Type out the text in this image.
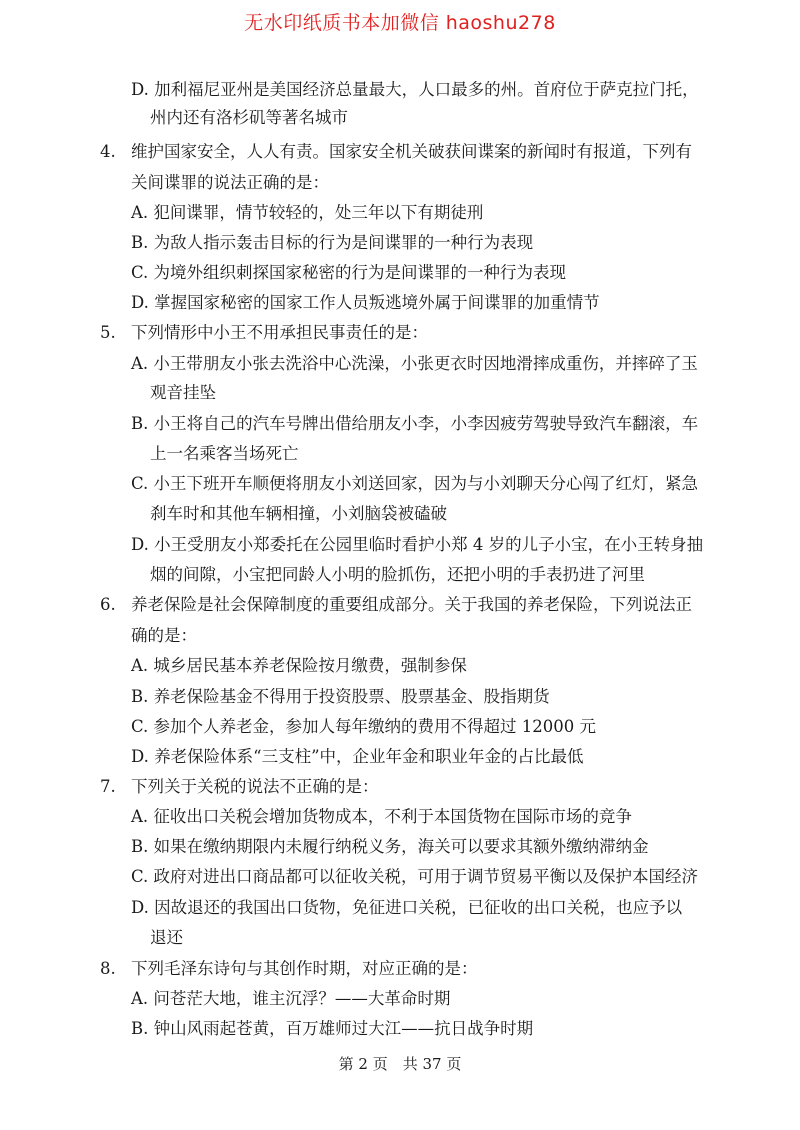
无水印纸质书本加微信 haoshu278
D. 加利福尼亚州是美国经济总量最大，人口最多的州。首府位于萨克拉门托，
州内还有洛杉矶等著名城市
4. 维护国家安全，人人有责。国家安全机关破获间谍案的新闻时有报道，下列有
关间谍罪的说法正确的是：
A. 犯间谍罪，情节较轻的，处三年以下有期徒刑
B. 为敌人指示轰击目标的行为是间谍罪的一种行为表现
C. 为境外组织刺探国家秘密的行为是间谍罪的一种行为表现
D. 掌握国家秘密的国家工作人员叛逃境外属于间谍罪的加重情节
5. 下列情形中小王不用承担民事责任的是：
A. 小王带朋友小张去洗浴中心洗澡，小张更衣时因地滑摔成重伤，并摔碎了玉
观音挂坠
B. 小王将自己的汽车号牌出借给朋友小李，小李因疲劳驾驶导致汽车翻滚，车
上一名乘客当场死亡
C. 小王下班开车顺便将朋友小刘送回家，因为与小刘聊天分心闯了红灯，紧急
刹车时和其他车辆相撞，小刘脑袋被磕破
D. 小王受朋友小郑委托在公园里临时看护小郑 4 岁的儿子小宝，在小王转身抽
烟的间隙，小宝把同龄人小明的脸抓伤，还把小明的手表扔进了河里
6. 养老保险是社会保障制度的重要组成部分。关于我国的养老保险，下列说法正
确的是：
A. 城乡居民基本养老保险按月缴费，强制参保
B. 养老保险基金不得用于投资股票、股票基金、股指期货
C. 参加个人养老金，参加人每年缴纳的费用不得超过 12000 元
D. 养老保险体系“三支柱”中，企业年金和职业年金的占比最低
7. 下列关于关税的说法不正确的是：
A. 征收出口关税会增加货物成本，不利于本国货物在国际市场的竞争
B. 如果在缴纳期限内未履行纳税义务，海关可以要求其额外缴纳滞纳金
C. 政府对进出口商品都可以征收关税，可用于调节贸易平衡以及保护本国经济
D. 因故退还的我国出口货物，免征进口关税，已征收的出口关税，也应予以
退还
8. 下列毛泽东诗句与其创作时期，对应正确的是：
A. 问苍茫大地，谁主沉浮？——大革命时期
B. 钟山风雨起苍黄，百万雄师过大江——抗日战争时期
第 2 页　共 37 页
